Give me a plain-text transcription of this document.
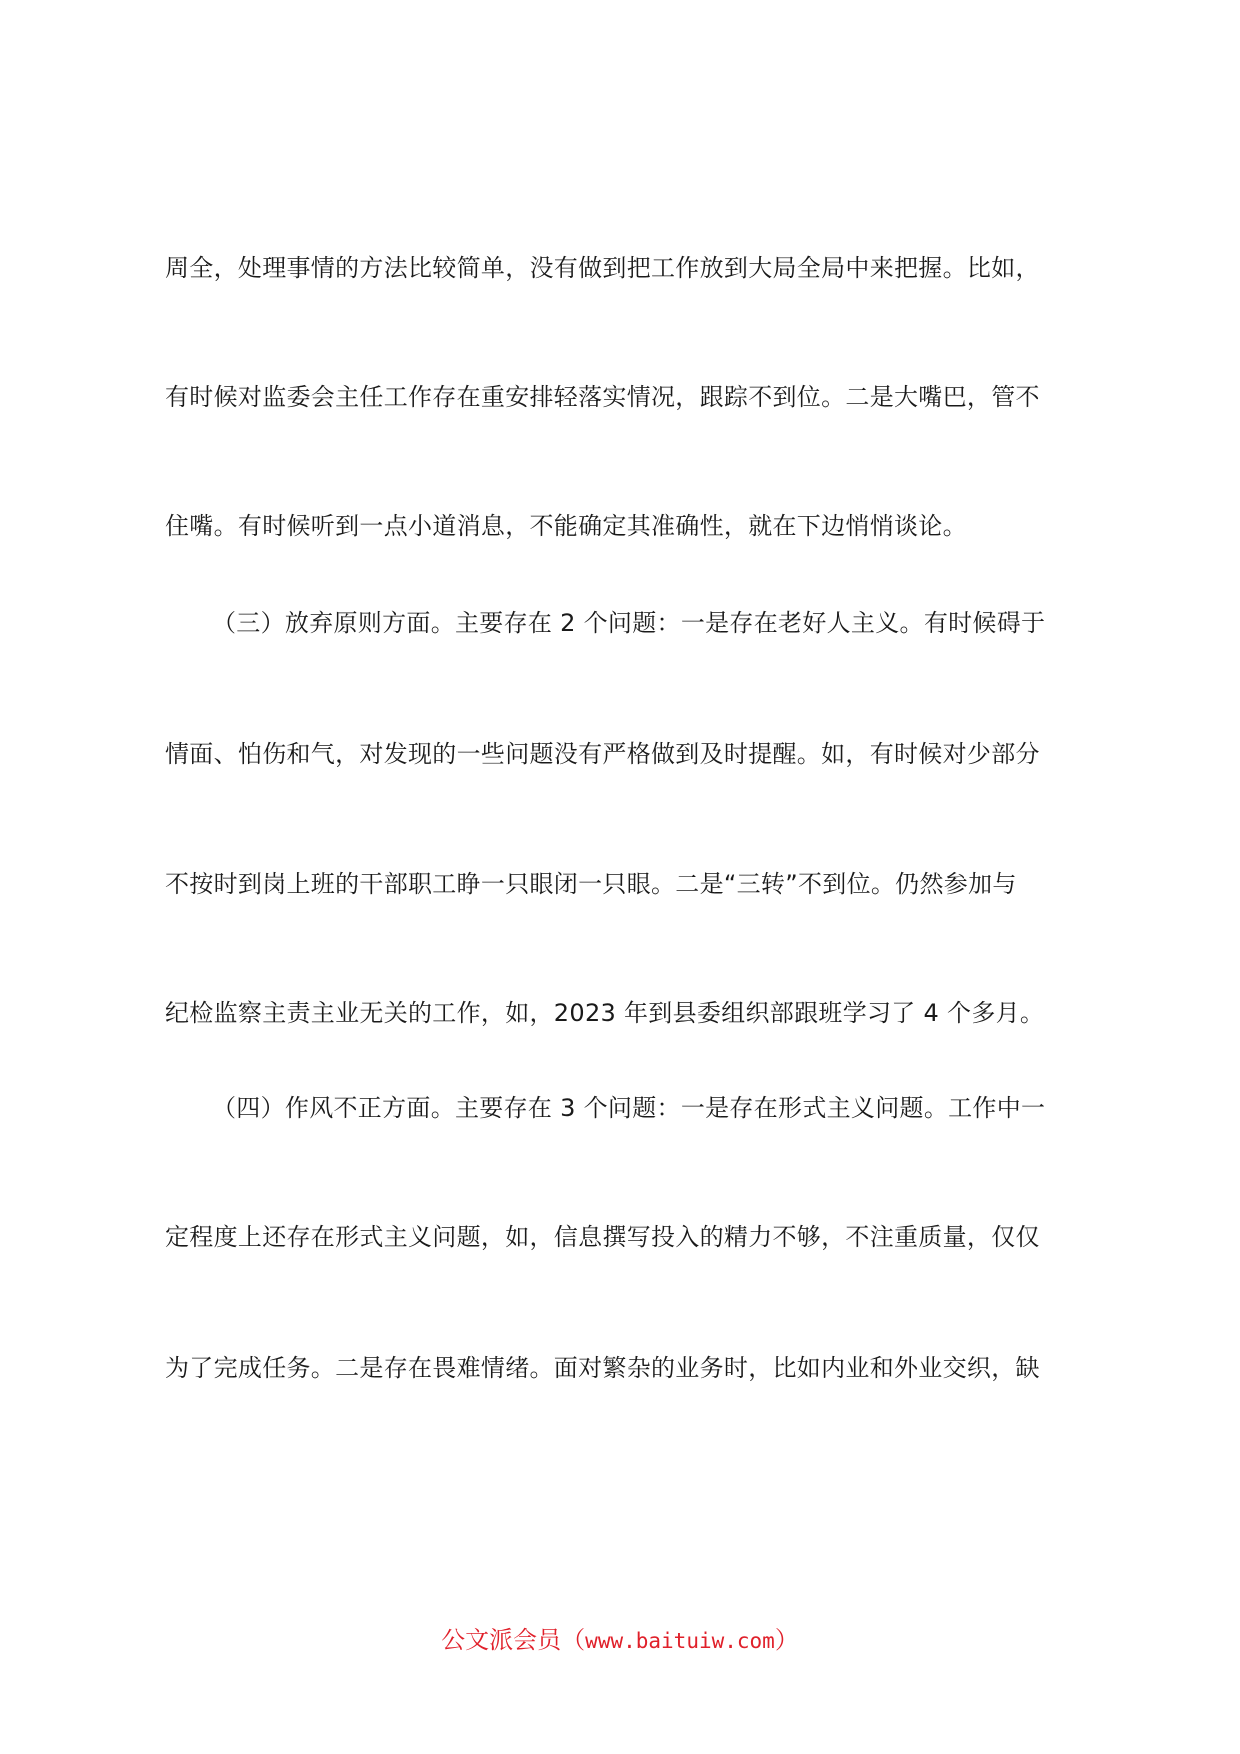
周全，处理事情的方法比较简单，没有做到把工作放到大局全局中来把握。比如，
有时候对监委会主任工作存在重安排轻落实情况，跟踪不到位。二是大嘴巴，管不
住嘴。有时候听到一点小道消息，不能确定其准确性，就在下边悄悄谈论。
（三）放弃原则方面。主要存在 2 个问题：一是存在老好人主义。有时候碍于
情面、怕伤和气，对发现的一些问题没有严格做到及时提醒。如，有时候对少部分
不按时到岗上班的干部职工睁一只眼闭一只眼。二是“三转”不到位。仍然参加与
纪检监察主责主业无关的工作，如，2023 年到县委组织部跟班学习了 4 个多月。
（四）作风不正方面。主要存在 3 个问题：一是存在形式主义问题。工作中一
定程度上还存在形式主义问题，如，信息撰写投入的精力不够，不注重质量，仅仅
为了完成任务。二是存在畏难情绪。面对繁杂的业务时，比如内业和外业交织，缺
公文派会员（www.baituiw.com）
